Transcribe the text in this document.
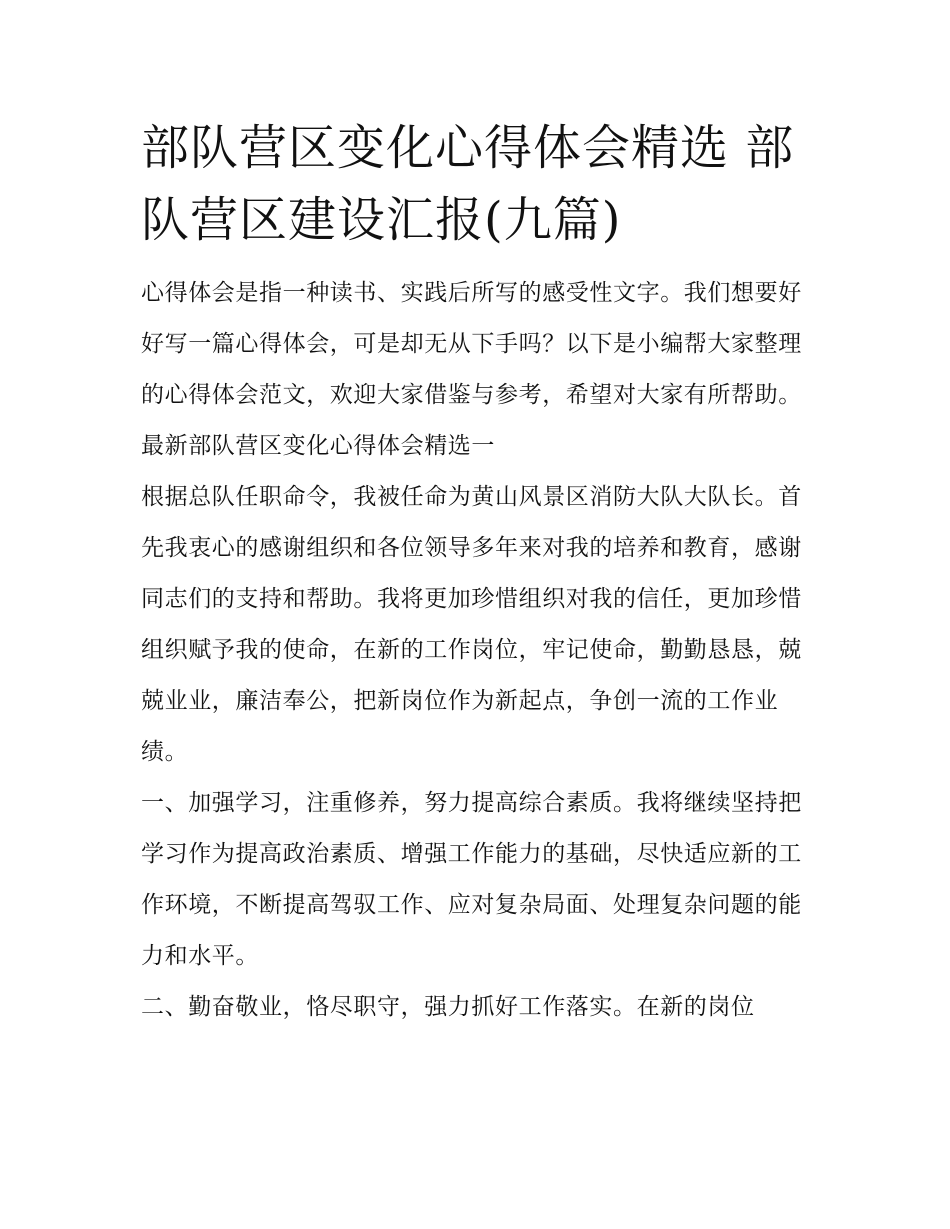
部队营区变化心得体会精选 部队营区建设汇报(九篇)

心得体会是指一种读书、实践后所写的感受性文字。我们想要好好写一篇心得体会，可是却无从下手吗？以下是小编帮大家整理的心得体会范文，欢迎大家借鉴与参考，希望对大家有所帮助。

最新部队营区变化心得体会精选一

根据总队任职命令，我被任命为黄山风景区消防大队大队长。首先我衷心的感谢组织和各位领导多年来对我的培养和教育，感谢同志们的支持和帮助。我将更加珍惜组织对我的信任，更加珍惜组织赋予我的使命，在新的工作岗位，牢记使命，勤勤恳恳，兢兢业业，廉洁奉公，把新岗位作为新起点，争创一流的工作业绩。

一、加强学习，注重修养，努力提高综合素质。我将继续坚持把学习作为提高政治素质、增强工作能力的基础，尽快适应新的工作环境，不断提高驾驭工作、应对复杂局面、处理复杂问题的能力和水平。

二、勤奋敬业，恪尽职守，强力抓好工作落实。在新的岗位
